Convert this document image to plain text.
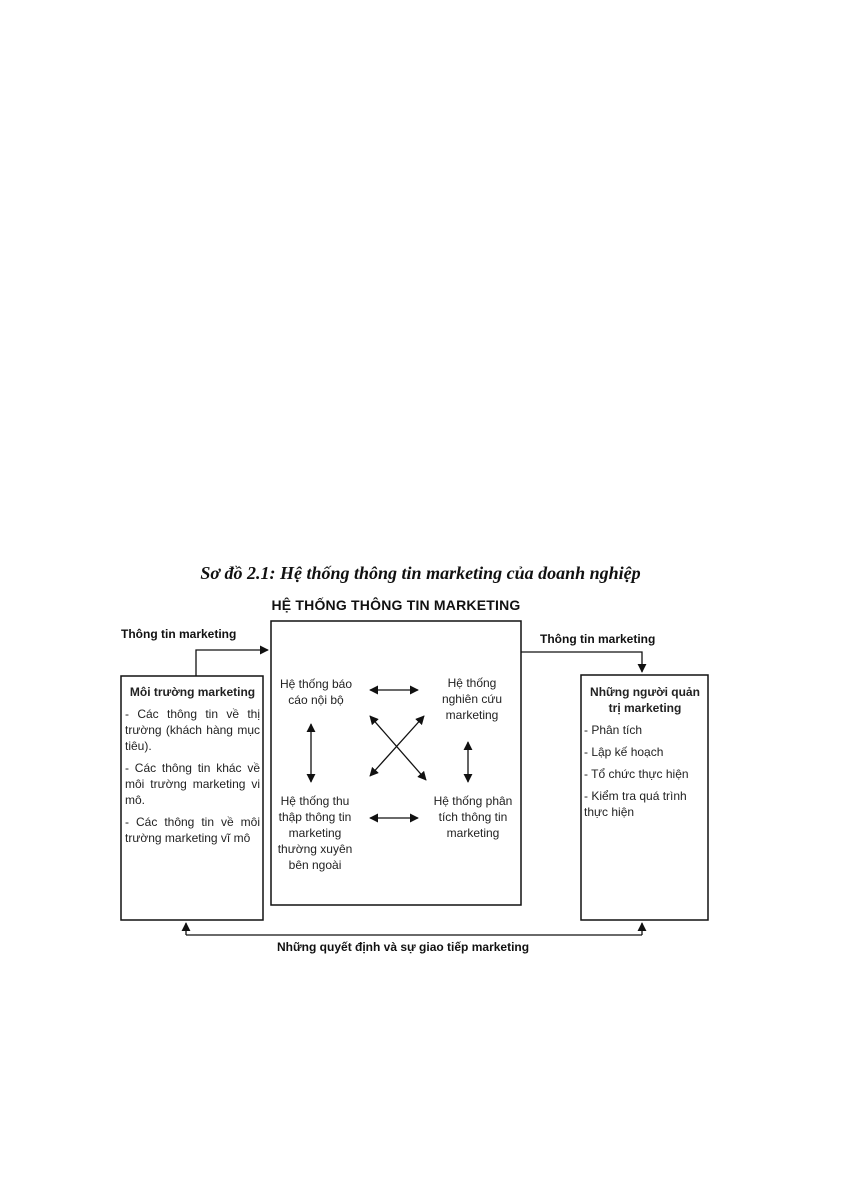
Sơ đồ 2.1: Hệ thống thông tin marketing của doanh nghiệp
HỆ THỐNG THÔNG TIN MARKETING
Thông tin marketing	Thông tin marketing
Những quyết định và sự giao tiếp marketing
Môi trường marketing
- Các thông tin về thị trường (khách hàng mục tiêu).
- Các thông tin khác về môi trường marketing vi mô.
- Các thông tin về môi trường marketing vĩ mô
Hệ thống báo cáo nội bộ
Hệ thống nghiên cứu marketing
Hệ thống thu thập thông tin marketing thường xuyên bên ngoài
Hệ thống phân tích thông tin marketing
Những người quản trị marketing
- Phân tích
- Lập kế hoạch
- Tổ chức thực hiện
- Kiểm tra quá trình thực hiện
